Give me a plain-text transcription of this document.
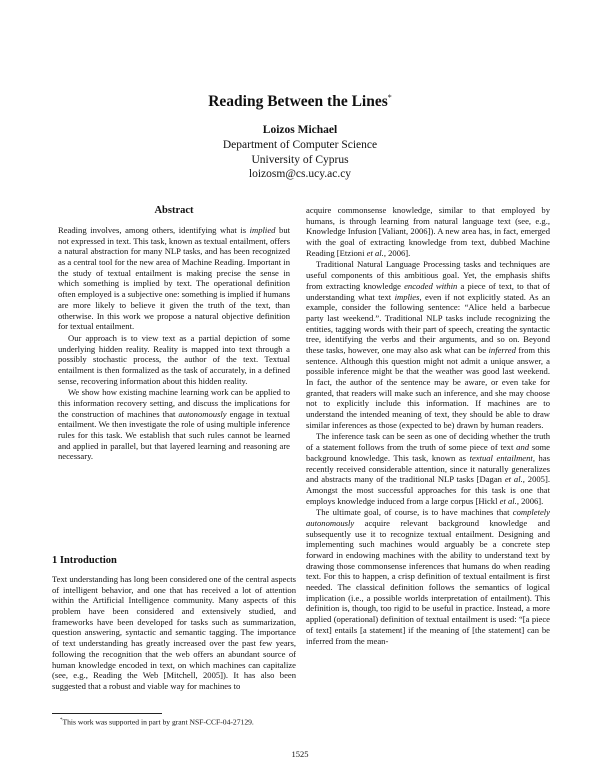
Reading Between the Lines*
Loizos Michael
Department of Computer Science
University of Cyprus
loizosm@cs.ucy.ac.cy
Abstract

Reading involves, among others, identifying what is implied but not expressed in text. This task, known as textual entailment, offers a natural abstraction for many NLP tasks, and has been recognized as a central tool for the new area of Machine Reading. Important in the study of textual entailment is making precise the sense in which something is implied by text. The operational definition often employed is a subjective one: something is implied if humans are more likely to believe it given the truth of the text, than otherwise. In this work we propose a natural objective definition for textual entailment.

Our approach is to view text as a partial depiction of some underlying hidden reality. Reality is mapped into text through a possibly stochastic process, the author of the text. Textual entailment is then formalized as the task of accurately, in a defined sense, recovering information about this hidden reality.

We show how existing machine learning work can be applied to this information recovery setting, and discuss the implications for the construction of machines that autonomously engage in textual entailment. We then investigate the role of using multiple inference rules for this task. We establish that such rules cannot be learned and applied in parallel, but that layered learning and reasoning are necessary.

1 Introduction

Text understanding has long been considered one of the central aspects of intelligent behavior, and one that has received a lot of attention within the Artificial Intelligence community. Many aspects of this problem have been considered and extensively studied, and frameworks have been developed for tasks such as summarization, question answering, syntactic and semantic tagging. The importance of text understanding has greatly increased over the past few years, following the recognition that the web offers an abundant source of human knowledge encoded in text, on which machines can capitalize (see, e.g., Reading the Web [Mitchell, 2005]). It has also been suggested that a robust and viable way for machines to

acquire commonsense knowledge, similar to that employed by humans, is through learning from natural language text (see, e.g., Knowledge Infusion [Valiant, 2006]). A new area has, in fact, emerged with the goal of extracting knowledge from text, dubbed Machine Reading [Etzioni et al., 2006].

Traditional Natural Language Processing tasks and techniques are useful components of this ambitious goal. Yet, the emphasis shifts from extracting knowledge encoded within a piece of text, to that of understanding what text implies, even if not explicitly stated. As an example, consider the following sentence: “Alice held a barbecue party last weekend.”. Traditional NLP tasks include recognizing the entities, tagging words with their part of speech, creating the syntactic tree, identifying the verbs and their arguments, and so on. Beyond these tasks, however, one may also ask what can be inferred from this sentence. Although this question might not admit a unique answer, a possible inference might be that the weather was good last weekend. In fact, the author of the sentence may be aware, or even take for granted, that readers will make such an inference, and she may choose not to explicitly include this information. If machines are to understand the intended meaning of text, they should be able to draw similar inferences as those (expected to be) drawn by human readers.

The inference task can be seen as one of deciding whether the truth of a statement follows from the truth of some piece of text and some background knowledge. This task, known as textual entailment, has recently received considerable attention, since it naturally generalizes and abstracts many of the traditional NLP tasks [Dagan et al., 2005]. Amongst the most successful approaches for this task is one that employs knowledge induced from a large corpus [Hickl et al., 2006].

The ultimate goal, of course, is to have machines that completely autonomously acquire relevant background knowledge and subsequently use it to recognize textual entailment. Designing and implementing such machines would arguably be a concrete step forward in endowing machines with the ability to understand text by drawing those commonsense inferences that humans do when reading text. For this to happen, a crisp definition of textual entailment is first needed. The classical definition follows the semantics of logical implication (i.e., a possible worlds interpretation of entailment). This definition is, though, too rigid to be useful in practice. Instead, a more applied (operational) definition of textual entailment is used: “[a piece of text] entails [a statement] if the meaning of [the statement] can be inferred from the mean-

*This work was supported in part by grant NSF-CCF-04-27129.
1525
